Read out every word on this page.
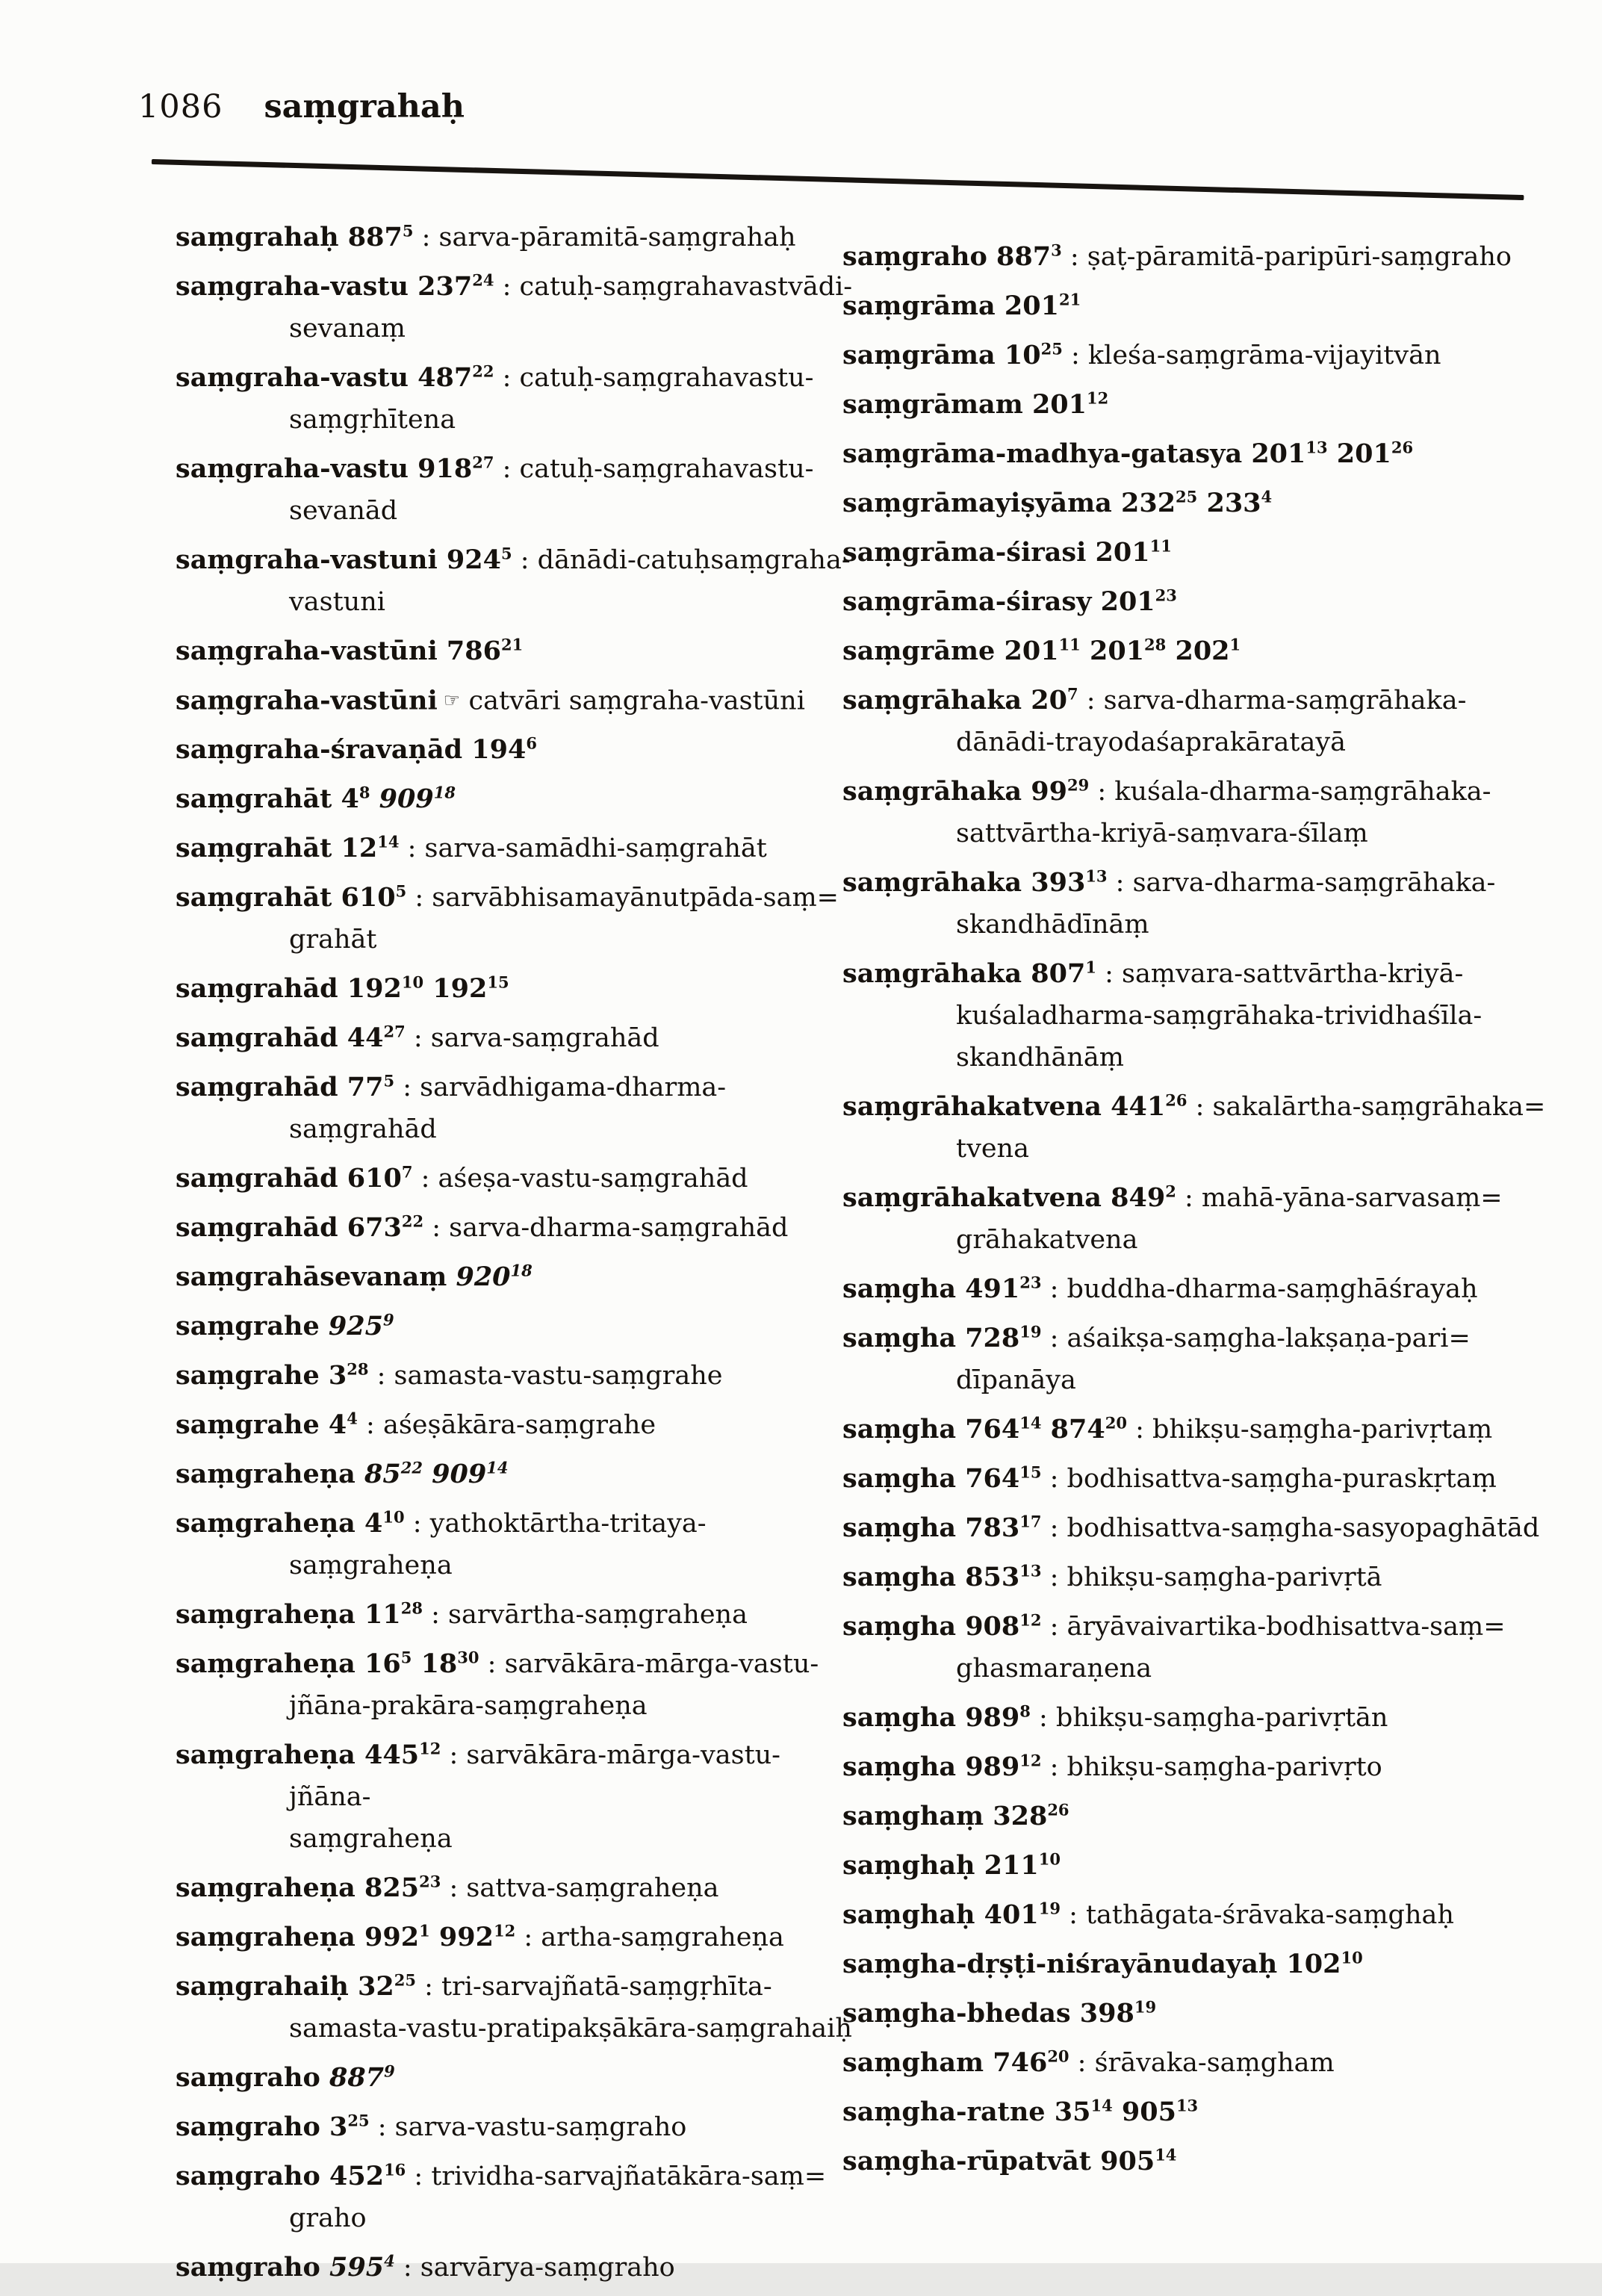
1086 saṃgrahaḥ
saṃgrahaḥ $887^5$ : sarva-pāramitā-saṃgrahaḥ
saṃgraha-vastu $237^{24}$ : catuḥ-saṃgrahavastvādi-
sevanaṃ
saṃgraha-vastu $487^{22}$ : catuḥ-saṃgrahavastu-
saṃgṛhītena
saṃgraha-vastu $918^{27}$ : catuḥ-saṃgrahavastu-
sevanād
saṃgraha-vastuni $924^5$ : dānādi-catuḥsaṃgraha-
vastuni
saṃgraha-vastūni $786^{21}$
saṃgraha-vastūni ☞ catvāri saṃgraha-vastūni
saṃgraha-śravaṇād $194^6$
saṃgrahāt $4^8$ $909^{18}$
saṃgrahāt $12^{14}$ : sarva-samādhi-saṃgrahāt
saṃgrahāt $610^5$ : sarvābhisamayānutpāda-saṃ=
grahāt
saṃgrahād $192^{10}$ $192^{15}$
saṃgrahād $44^{27}$ : sarva-saṃgrahād
saṃgrahād $77^5$ : sarvādhigama-dharma-saṃgrahād
saṃgrahād $610^7$ : aśeṣa-vastu-saṃgrahād
saṃgrahād $673^{22}$ : sarva-dharma-saṃgrahād
saṃgrahāsevanaṃ $920^{18}$
saṃgrahe $925^9$
saṃgrahe $3^{28}$ : samasta-vastu-saṃgrahe
saṃgrahe $4^4$ : aśeṣākāra-saṃgrahe
saṃgraheṇa $85^{22}$ $909^{14}$
saṃgraheṇa $4^{10}$ : yathoktārtha-tritaya-saṃgraheṇa
saṃgraheṇa $11^{28}$ : sarvārtha-saṃgraheṇa
saṃgraheṇa $16^5$ $18^{30}$ : sarvākāra-mārga-vastu-
jñāna-prakāra-saṃgraheṇa
saṃgraheṇa $445^{12}$ : sarvākāra-mārga-vastu-jñāna-
saṃgraheṇa
saṃgraheṇa $825^{23}$ : sattva-saṃgraheṇa
saṃgraheṇa $992^1$ $992^{12}$ : artha-saṃgraheṇa
saṃgrahaiḥ $32^{25}$ : tri-sarvajñatā-saṃgṛhīta-
samasta-vastu-pratipakṣākāra-saṃgrahaiḥ
saṃgraho $887^9$
saṃgraho $3^{25}$ : sarva-vastu-saṃgraho
saṃgraho $452^{16}$ : trividha-sarvajñatākāra-saṃ=
graho
saṃgraho $595^4$ : sarvārya-saṃgraho
saṃgraho $887^3$ : ṣaṭ-pāramitā-paripūri-saṃgraho
saṃgrāma $201^{21}$
saṃgrāma $10^{25}$ : kleśa-saṃgrāma-vijayitvān
saṃgrāmam $201^{12}$
saṃgrāma-madhya-gatasya $201^{13}$ $201^{26}$
saṃgrāmayiṣyāma $232^{25}$ $233^4$
saṃgrāma-śirasi $201^{11}$
saṃgrāma-śirasy $201^{23}$
saṃgrāme $201^{11}$ $201^{28}$ $202^1$
saṃgrāhaka $20^7$ : sarva-dharma-saṃgrāhaka-
dānādi-trayodaśaprakāratayā
saṃgrāhaka $99^{29}$ : kuśala-dharma-saṃgrāhaka-
sattvārtha-kriyā-saṃvara-śīlaṃ
saṃgrāhaka $393^{13}$ : sarva-dharma-saṃgrāhaka-
skandhādīnāṃ
saṃgrāhaka $807^1$ : saṃvara-sattvārtha-kriyā-
kuśaladharma-saṃgrāhaka-trividhaśīla-
skandhānāṃ
saṃgrāhakatvena $441^{26}$ : sakalārtha-saṃgrāhaka=
tvena
saṃgrāhakatvena $849^2$ : mahā-yāna-sarvasaṃ=
grāhakatvena
saṃgha $491^{23}$ : buddha-dharma-saṃghāśrayaḥ
saṃgha $728^{19}$ : aśaikṣa-saṃgha-lakṣaṇa-pari=
dīpanāya
saṃgha $764^{14}$ $874^{20}$ : bhikṣu-saṃgha-parivṛtaṃ
saṃgha $764^{15}$ : bodhisattva-saṃgha-puraskṛtaṃ
saṃgha $783^{17}$ : bodhisattva-saṃgha-sasyopaghātād
saṃgha $853^{13}$ : bhikṣu-saṃgha-parivṛtā
saṃgha $908^{12}$ : āryāvaivartika-bodhisattva-saṃ=
ghasmaraṇena
saṃgha $989^8$ : bhikṣu-saṃgha-parivṛtān
saṃgha $989^{12}$ : bhikṣu-saṃgha-parivṛto
saṃghaṃ $328^{26}$
saṃghaḥ $211^{10}$
saṃghaḥ $401^{19}$ : tathāgata-śrāvaka-saṃghaḥ
saṃgha-dṛṣṭi-niśrayānudayaḥ $102^{10}$
saṃgha-bhedas $398^{19}$
saṃgham $746^{20}$ : śrāvaka-saṃgham
saṃgha-ratne $35^{14}$ $905^{13}$
saṃgha-rūpatvāt $905^{14}$
